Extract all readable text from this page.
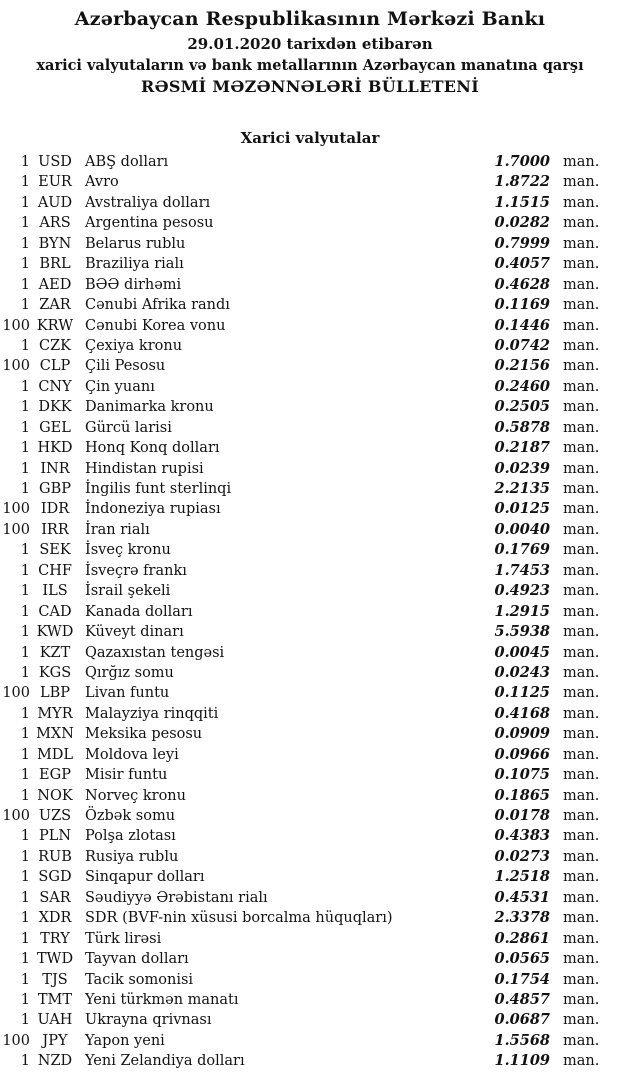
Azərbaycan Respublikasının Mərkəzi Bankı
29.01.2020 tarixdən etibarən
xarici valyutaların və bank metallarının Azərbaycan manatına qarşı
RƏSMİ MƏZƏNNƏLƏRİ BÜLLETENİ
Xarici valyutalar
1 USD ABŞ dolları	1.7000 man.
1 EUR Avro	1.8722 man.
1 AUD Avstraliya dolları	1.1515 man.
1 ARS Argentina pesosu	0.0282 man.
1 BYN Belarus rublu	0.7999 man.
1 BRL Braziliya rialı	0.4057 man.
1 AED BƏƏ dirhəmi	0.4628 man.
1 ZAR Cənubi Afrika randı	0.1169 man.
100 KRW Cənubi Korea vonu	0.1446 man.
1 CZK Çexiya kronu	0.0742 man.
100 CLP	Çili Pesosu	0.2156 man.
1 CNY Çin yuanı	0.2460 man.
1 DKK Danimarka kronu	0.2505 man.
1 GEL Gürcü larisi	0.5878 man.
1 HKD Honq Konq dolları	0.2187 man.
1 INR	Hindistan rupisi	0.0239 man.
1 GBP İngilis funt sterlinqi	2.2135 man.
100 IDR	İndoneziya rupiası	0.0125 man.
100 IRR	İran rialı	0.0040 man.
1 SEK İsveç kronu	0.1769 man.
1 CHF İsveçrə frankı	1.7453 man.
1 ILS	İsrail şekeli	0.4923 man.
1 CAD Kanada dolları	1.2915 man.
1 KWD Küveyt dinarı	5.5938 man.
1 KZT	Qazaxıstan tengəsi	0.0045 man.
1 KGS Qırğız somu	0.0243 man.
100 LBP	Livan funtu	0.1125 man.
1 MYR Malayziya rinqqiti	0.4168 man.
1 MXN Meksika pesosu	0.0909 man.
1 MDL Moldova leyi	0.0966 man.
1 EGP Misir funtu	0.1075 man.
1 NOK Norveç kronu	0.1865 man.
100 UZS Özbək somu	0.0178 man.
1 PLN Polşa zlotası	0.4383 man.
1 RUB Rusiya rublu	0.0273 man.
1 SGD Sinqapur dolları	1.2518 man.
1 SAR Səudiyyə Ərəbistanı rialı	0.4531 man.
1 XDR SDR (BVF-nin xüsusi borcalma hüquqları)	2.3378 man.
1 TRY	Türk lirəsi	0.2861 man.
1 TWD Tayvan dolları	0.0565 man.
1 TJS	Tacik somonisi	0.1754 man.
1 TMT Yeni türkmən manatı	0.4857 man.
1 UAH Ukrayna qrivnası	0.0687 man.
100 JPY	Yapon yeni	1.5568 man.
1 NZD Yeni Zelandiya dolları	1.1109 man.
